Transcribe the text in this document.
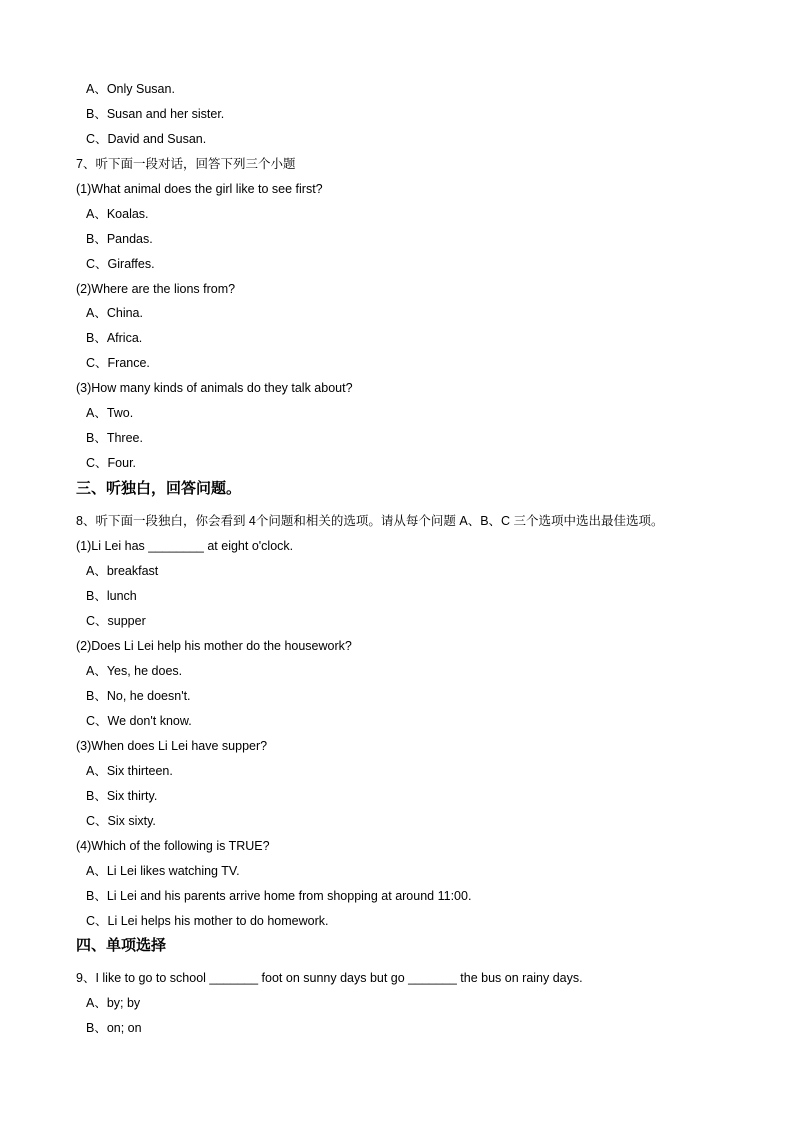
A、Only Susan.
B、Susan and her sister.
C、David and Susan.
7、听下面一段对话，回答下列三个小题
(1)What animal does the girl like to see first?
A、Koalas.
B、Pandas.
C、Giraffes.
(2)Where are the lions from?
A、China.
B、Africa.
C、France.
(3)How many kinds of animals do they talk about?
A、Two.
B、Three.
C、Four.
三、听独白，回答问题。
8、听下面一段独白，你会看到 4个问题和相关的选项。请从每个问题 A、B、C 三个选项中选出最佳选项。
(1)Li Lei has ________ at eight o'clock.
A、breakfast
B、lunch
C、supper
(2)Does Li Lei help his mother do the housework?
A、Yes, he does.
B、No, he doesn't.
C、We don't know.
(3)When does Li Lei have supper?
A、Six thirteen.
B、Six thirty.
C、Six sixty.
(4)Which of the following is TRUE?
A、Li Lei likes watching TV.
B、Li Lei and his parents arrive home from shopping at around 11:00.
C、Li Lei helps his mother to do homework.
四、单项选择
9、I like to go to school _______ foot on sunny days but go _______ the bus on rainy days.
A、by; by
B、on; on
